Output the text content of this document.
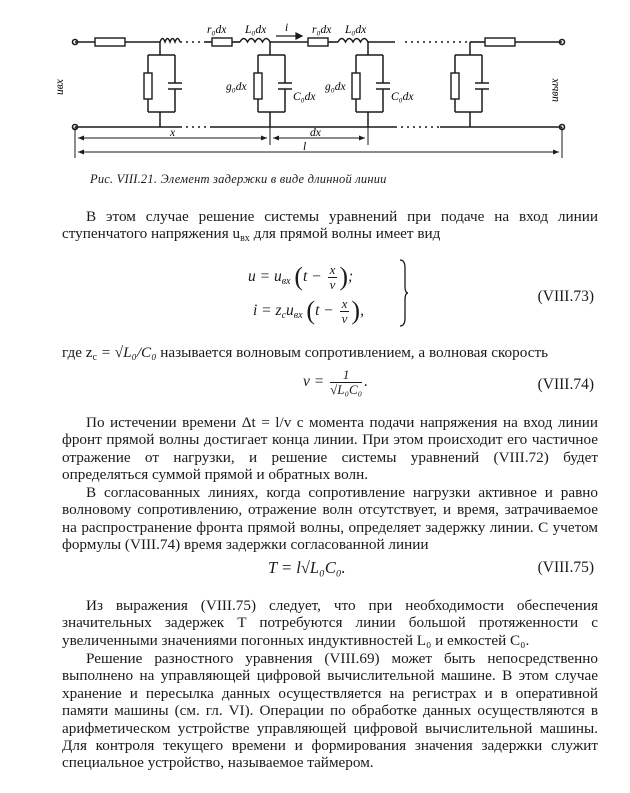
r₀dx L₀dx i r₀dx L₀dx
g₀dx
C₀dx
g₀dx
C₀dx
uвх	uвых
x	dx
l
Рис. VIII.21. Элемент задержки в виде длинной линии

В этом случае решение системы уравнений при подаче на вход линии ступенчатого напряжения $u_{вх}$ для прямой волны имеет вид

$u = u_{вх}$ ($t - \frac{x}{v}$ );
$i = z_cu_{вх}$ ($t - \frac{x}{v}$ ),
(VIII.73)

где $z_c = √L_0/C_0$ называется волновым сопротивлением, а волновая скорость

$v = \frac{1}{\text{√L₀C₀}}$ .	(VIII.74)

По истечении времени Δt = l/v с момента подачи напряжения на вход линии фронт прямой волны достигает конца линии. При этом происходит его частичное отражение от нагрузки, и решение системы уравнений (VIII.72) будет определяться суммой прямой и обратных волн.

В согласованных линиях, когда сопротивление нагрузки активное и равно волновому сопротивлению, отражение волн отсутствует, и время, затрачиваемое на распространение фронта прямой волны, определяет задержку линии. С учетом формулы (VIII.74) время задержки согласованной линии

T = l√L₀C₀.	(VIII.75)

Из выражения (VIII.75) следует, что при необходимости обеспечения значительных задержек T потребуются линии большой протяженности с увеличенными значениями погонных индуктивностей L₀ и емкостей C₀.

Решение разностного уравнения (VIII.69) может быть непосредственно выполнено на управляющей цифровой вычислительной машине. В этом случае хранение и пересылка данных осуществляется на регистрах и в оперативной памяти машины (см. гл. VI). Операции по обработке данных осуществляются в арифметическом устройстве управляющей цифровой вычислительной машины. Для контроля текущего времени и формирования значения задержки служит специальное устройство, называемое таймером.
